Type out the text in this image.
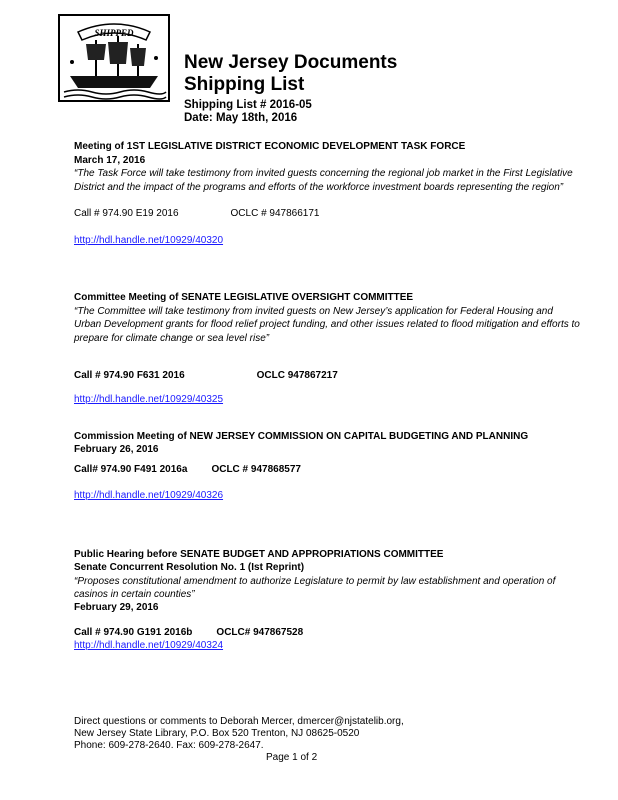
SHIPPED
New Jersey Documents
Shipping List
Shipping List # 2016-05
Date: May 18th, 2016
Meeting of 1ST LEGISLATIVE DISTRICT ECONOMIC DEVELOPMENT TASK FORCE
March 17, 2016
“The Task Force will take testimony from invited guests concerning the regional job market in the First Legislative
District and the impact of the programs and efforts of the workforce investment boards representing the region”
Call # 974.90 E19 2016	OCLC # 947866171
http://hdl.handle.net/10929/40320
Committee Meeting of SENATE LEGISLATIVE OVERSIGHT COMMITTEE
“The Committee will take testimony from invited guests on New Jersey’s application for Federal Housing and
Urban Development grants for flood relief project funding, and other issues related to flood mitigation and efforts to
prepare for climate change or sea level rise”
Call # 974.90 F631 2016	OCLC 947867217
http://hdl.handle.net/10929/40325
Commission Meeting of NEW JERSEY COMMISSION ON CAPITAL BUDGETING AND PLANNING
February 26, 2016
Call# 974.90 F491 2016a OCLC # 947868577
http://hdl.handle.net/10929/40326
Public Hearing before SENATE BUDGET AND APPROPRIATIONS COMMITTEE
Senate Concurrent Resolution No. 1 (Ist Reprint)
“Proposes constitutional amendment to authorize Legislature to permit by law establishment and operation of
casinos in certain counties”
February 29, 2016
Call # 974.90 G191 2016b OCLC# 947867528
http://hdl.handle.net/10929/40324
Direct questions or comments to Deborah Mercer, dmercer@njstatelib.org,
New Jersey State Library, P.O. Box 520 Trenton, NJ 08625-0520
Phone: 609-278-2640. Fax: 609-278-2647.
Page 1 of 2
